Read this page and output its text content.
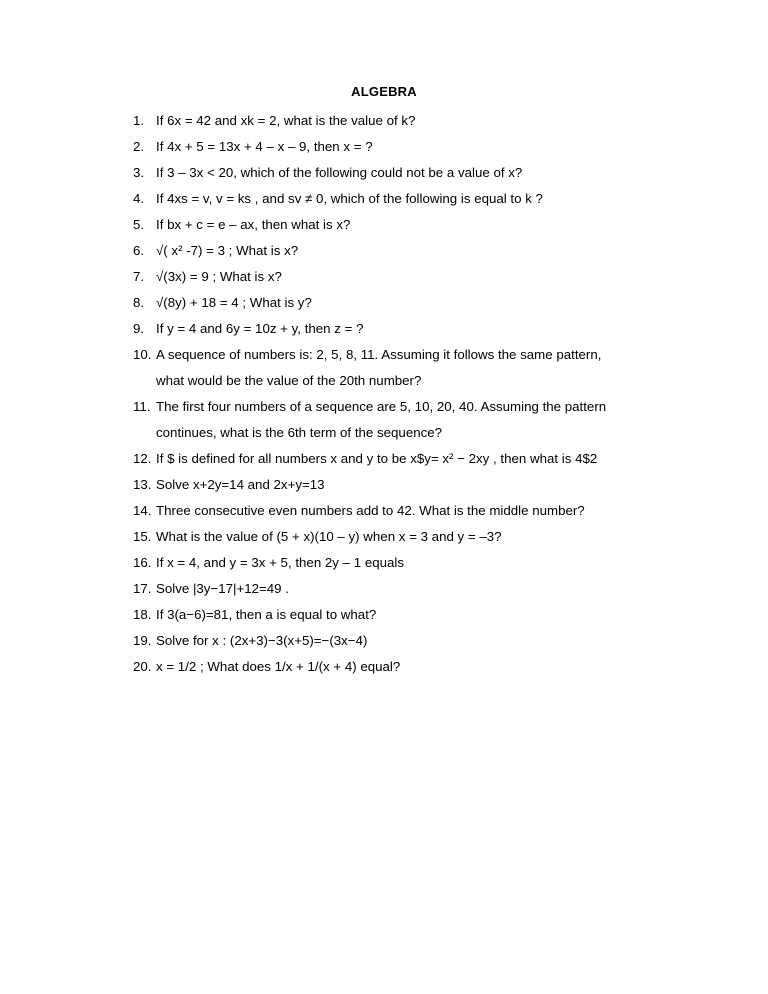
ALGEBRA
1. If 6x = 42 and xk = 2, what is the value of k?
2. If 4x + 5 = 13x + 4 – x – 9, then x = ?
3. If 3 – 3x < 20, which of the following could not be a value of x?
4. If 4xs = v, v = ks , and sv ≠ 0, which of the following is equal to k ?
5. If bx + c = e – ax, then what is x?
6. √( x² -7) = 3 ; What is x?
7. √(3x) = 9 ; What is x?
8. √(8y) + 18 = 4 ; What is y?
9. If y = 4 and 6y = 10z + y, then z = ?
10. A sequence of numbers is: 2, 5, 8, 11. Assuming it follows the same pattern,
what would be the value of the 20th number?
11. The first four numbers of a sequence are 5, 10, 20, 40. Assuming the pattern
continues, what is the 6th term of the sequence?
12. If $ is defined for all numbers x and y to be x$y= x² − 2xy , then what is 4$2
13. Solve x+2y=14 and 2x+y=13
14. Three consecutive even numbers add to 42. What is the middle number?
15. What is the value of (5 + x)(10 – y) when x = 3 and y = –3?
16. If x = 4, and y = 3x + 5, then 2y – 1 equals
17. Solve |3y−17|+12=49 .
18. If 3(a−6)=81, then a is equal to what?
19. Solve for x : (2x+3)−3(x+5)=−(3x−4)
20. x = 1/2 ; What does 1/x + 1/(x + 4) equal?
